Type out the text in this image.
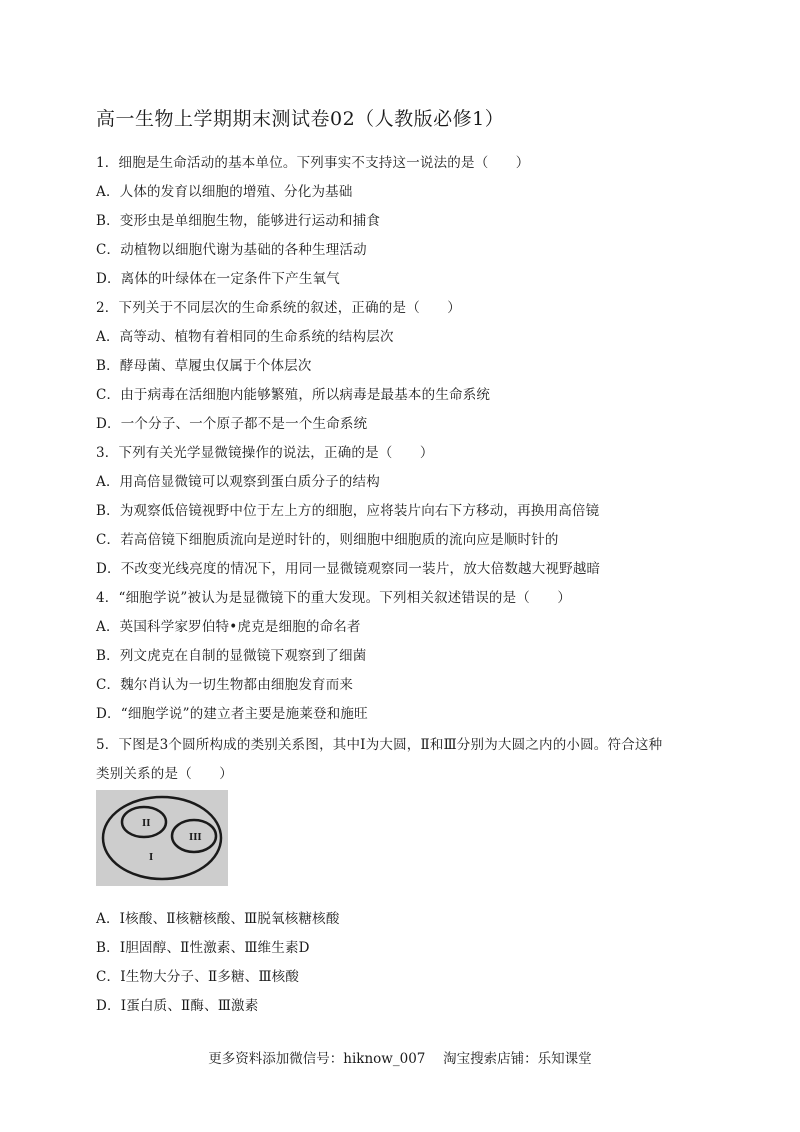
高一生物上学期期末测试卷02（人教版必修1）
1．细胞是生命活动的基本单位。下列事实不支持这一说法的是（　　）
A．人体的发育以细胞的增殖、分化为基础
B．变形虫是单细胞生物，能够进行运动和捕食
C．动植物以细胞代谢为基础的各种生理活动
D．离体的叶绿体在一定条件下产生氧气
2．下列关于不同层次的生命系统的叙述，正确的是（　　）
A．高等动、植物有着相同的生命系统的结构层次
B．酵母菌、草履虫仅属于个体层次
C．由于病毒在活细胞内能够繁殖，所以病毒是最基本的生命系统
D．一个分子、一个原子都不是一个生命系统
3．下列有关光学显微镜操作的说法，正确的是（　　）
A．用高倍显微镜可以观察到蛋白质分子的结构
B．为观察低倍镜视野中位于左上方的细胞，应将装片向右下方移动，再换用高倍镜
C．若高倍镜下细胞质流向是逆时针的，则细胞中细胞质的流向应是顺时针的
D．不改变光线亮度的情况下，用同一显微镜观察同一装片，放大倍数越大视野越暗
4．“细胞学说”被认为是显微镜下的重大发现。下列相关叙述错误的是（　　）
A．英国科学家罗伯特•虎克是细胞的命名者
B．列文虎克在自制的显微镜下观察到了细菌
C．魏尔肖认为一切生物都由细胞发育而来
D．“细胞学说”的建立者主要是施莱登和施旺
5．下图是3个圆所构成的类别关系图，其中Ⅰ为大圆，Ⅱ和Ⅲ分别为大圆之内的小圆。符合这种
类别关系的是（　　）
II
III
I
A．Ⅰ核酸、Ⅱ核糖核酸、Ⅲ脱氧核糖核酸
B．Ⅰ胆固醇、Ⅱ性激素、Ⅲ维生素D
C．Ⅰ生物大分子、Ⅱ多糖、Ⅲ核酸
D．Ⅰ蛋白质、Ⅱ酶、Ⅲ激素
更多资料添加微信号：hiknow_007　 淘宝搜索店铺：乐知课堂
